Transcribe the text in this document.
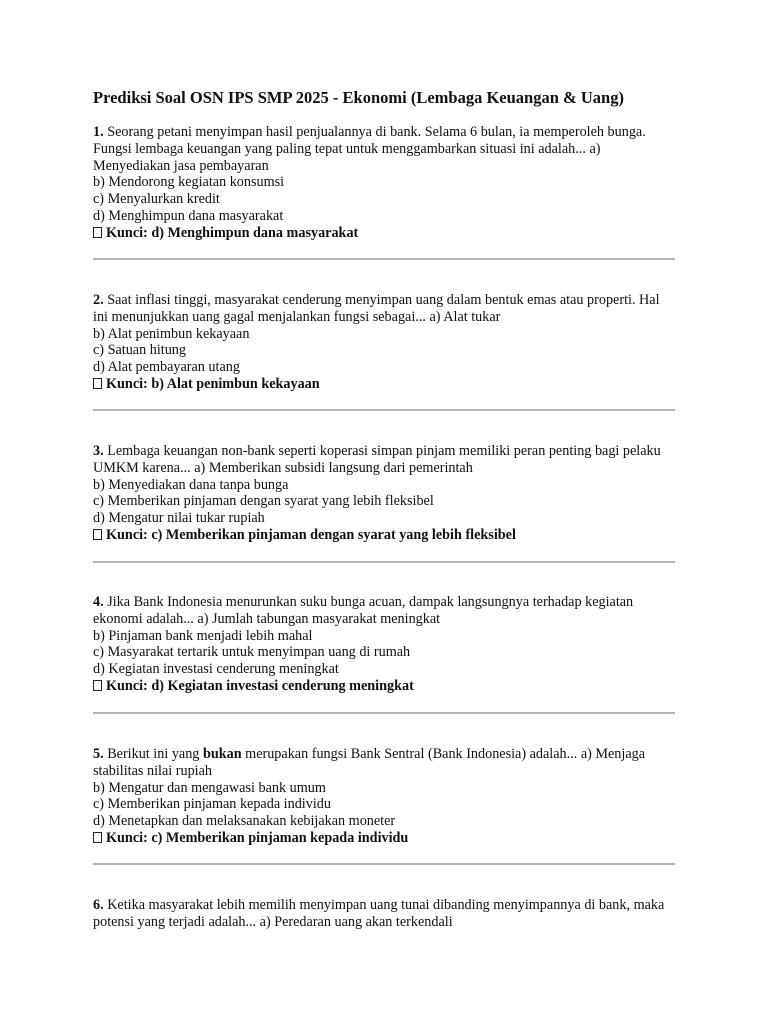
Prediksi Soal OSN IPS SMP 2025 - Ekonomi (Lembaga Keuangan & Uang)

1. Seorang petani menyimpan hasil penjualannya di bank. Selama 6 bulan, ia memperoleh bunga. Fungsi lembaga keuangan yang paling tepat untuk menggambarkan situasi ini adalah... a) Menyediakan jasa pembayaran

b) Mendorong kegiatan konsumsi

c) Menyalurkan kredit

d) Menghimpun dana masyarakat

Kunci: d) Menghimpun dana masyarakat

2. Saat inflasi tinggi, masyarakat cenderung menyimpan uang dalam bentuk emas atau properti. Hal ini menunjukkan uang gagal menjalankan fungsi sebagai... a) Alat tukar

b) Alat penimbun kekayaan

c) Satuan hitung

d) Alat pembayaran utang

Kunci: b) Alat penimbun kekayaan

3. Lembaga keuangan non-bank seperti koperasi simpan pinjam memiliki peran penting bagi pelaku UMKM karena... a) Memberikan subsidi langsung dari pemerintah

b) Menyediakan dana tanpa bunga

c) Memberikan pinjaman dengan syarat yang lebih fleksibel

d) Mengatur nilai tukar rupiah

Kunci: c) Memberikan pinjaman dengan syarat yang lebih fleksibel

4. Jika Bank Indonesia menurunkan suku bunga acuan, dampak langsungnya terhadap kegiatan ekonomi adalah... a) Jumlah tabungan masyarakat meningkat

b) Pinjaman bank menjadi lebih mahal

c) Masyarakat tertarik untuk menyimpan uang di rumah

d) Kegiatan investasi cenderung meningkat

Kunci: d) Kegiatan investasi cenderung meningkat

5. Berikut ini yang bukan merupakan fungsi Bank Sentral (Bank Indonesia) adalah... a) Menjaga stabilitas nilai rupiah

b) Mengatur dan mengawasi bank umum

c) Memberikan pinjaman kepada individu

d) Menetapkan dan melaksanakan kebijakan moneter

Kunci: c) Memberikan pinjaman kepada individu

6. Ketika masyarakat lebih memilih menyimpan uang tunai dibanding menyimpannya di bank, maka potensi yang terjadi adalah... a) Peredaran uang akan terkendali
